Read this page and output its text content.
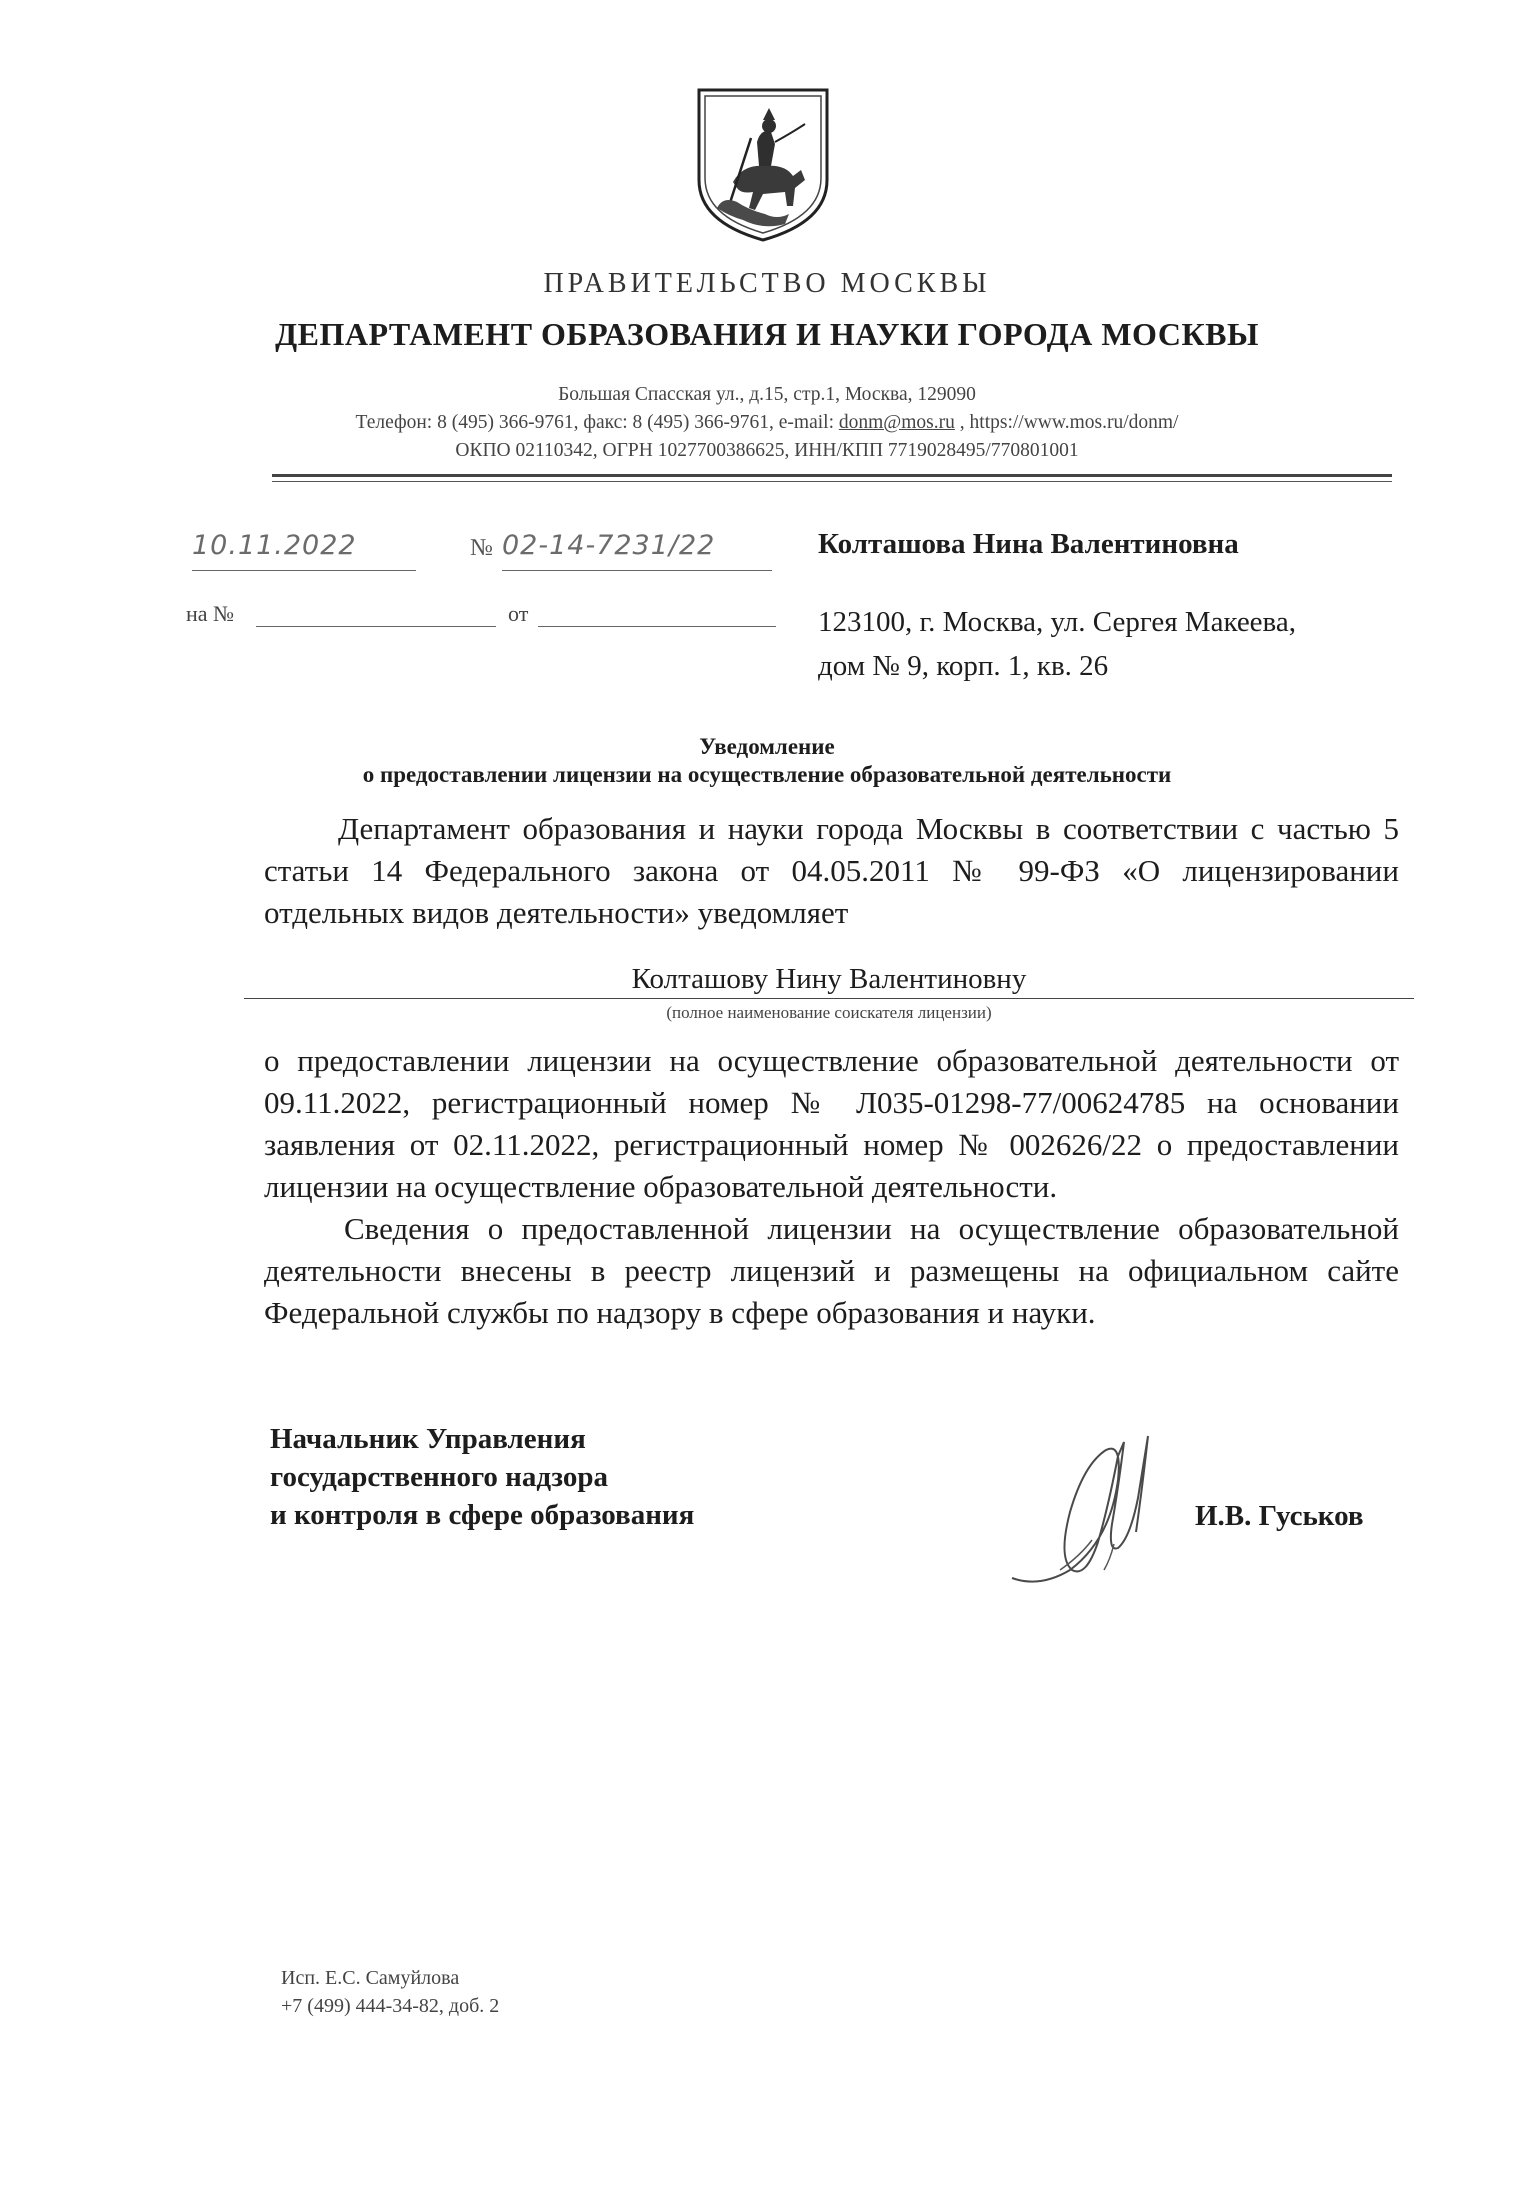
ПРАВИТЕЛЬСТВО МОСКВЫ
ДЕПАРТАМЕНТ ОБРАЗОВАНИЯ И НАУКИ ГОРОДА МОСКВЫ
Большая Спасская ул., д.15, стр.1, Москва, 129090
Телефон: 8 (495) 366-9761, факс: 8 (495) 366-9761, e-mail: donm@mos.ru , https://www.mos.ru/donm/
ОКПО 02110342, ОГРН 1027700386625, ИНН/КПП 7719028495/770801001
10.11.2022	№ 02-14-7231/22
на №	от
Колташова Нина Валентиновна
123100, г. Москва, ул. Сергея Макеева,
дом № 9, корп. 1, кв. 26
Уведомление
о предоставлении лицензии на осуществление образовательной деятельности
Департамент образования и науки города Москвы в соответствии с частью 5 статьи 14 Федерального закона от 04.05.2011 № 99-ФЗ «О лицензировании отдельных видов деятельности» уведомляет
Колташову Нину Валентиновну
(полное наименование соискателя лицензии)
о предоставлении лицензии на осуществление образовательной деятельности от 09.11.2022, регистрационный номер № Л035-01298-77/00624785 на основании заявления от 02.11.2022, регистрационный номер № 002626/22 о предоставлении лицензии на осуществление образовательной деятельности.
Сведения о предоставленной лицензии на осуществление образовательной деятельности внесены в реестр лицензий и размещены на официальном сайте Федеральной службы по надзору в сфере образования и науки.
Начальник Управления
государственного надзора
и контроля в сфере образования	И.В. Гуськов
Исп. Е.С. Самуйлова
+7 (499) 444-34-82, доб. 2
